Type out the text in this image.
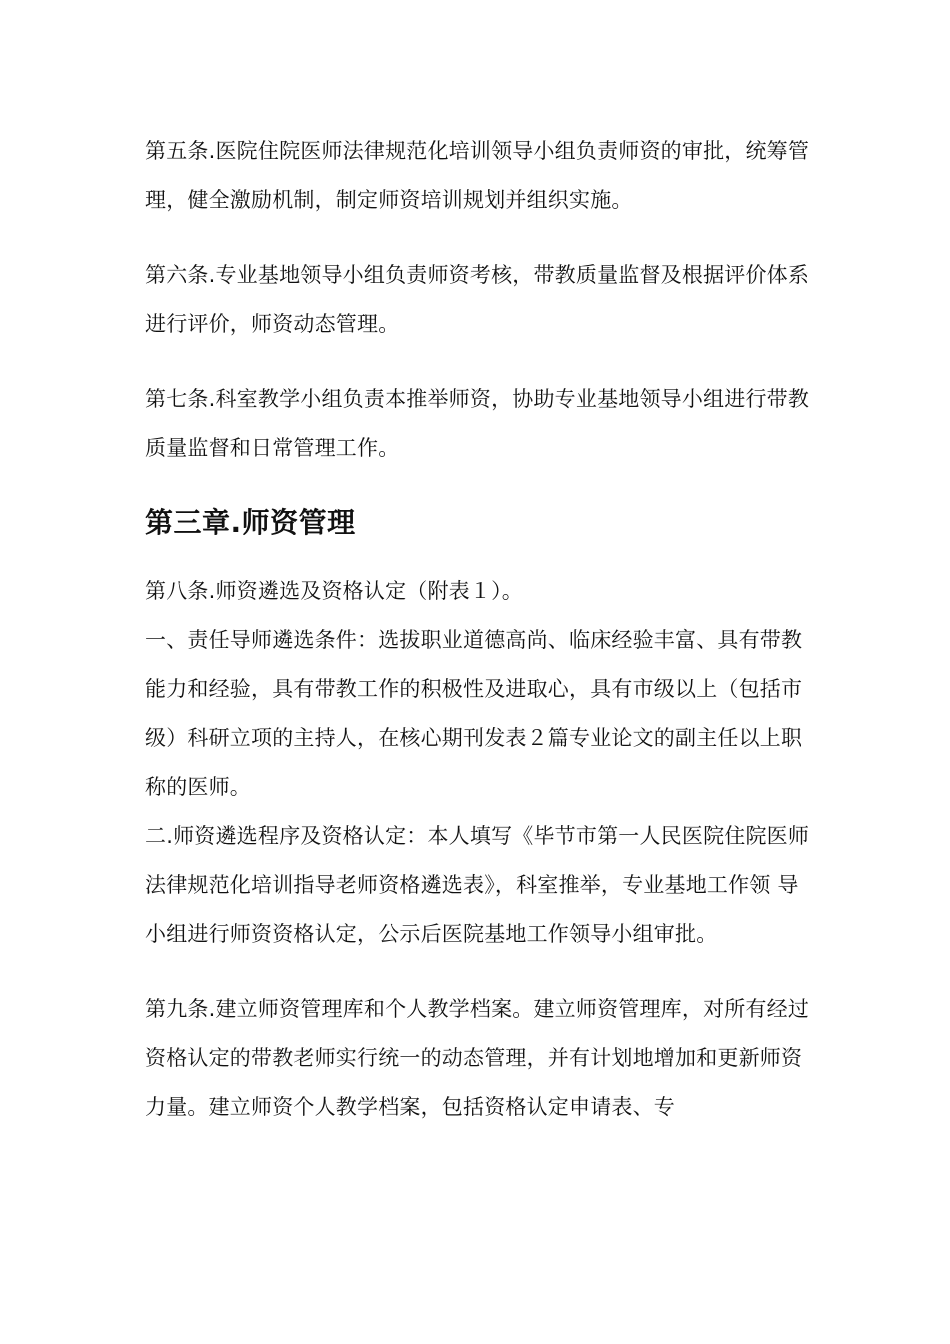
第五条.医院住院医师法律规范化培训领导小组负责师资的审批，统筹管理，健全激励机制，制定师资培训规划并组织实施。

第六条.专业基地领导小组负责师资考核，带教质量监督及根据评价体系进行评价，师资动态管理。

第七条.科室教学小组负责本推举师资，协助专业基地领导小组进行带教质量监督和日常管理工作。

第三章.师资管理

第八条.师资遴选及资格认定（附表１）。

一、责任导师遴选条件：选拔职业道德高尚、临床经验丰富、具有带教能力和经验，具有带教工作的积极性及进取心，具有市级以上（包括市级）科研立项的主持人，在核心期刊发表２篇专业论文的副主任以上职称的医师。

二.师资遴选程序及资格认定：本人填写《毕节市第一人民医院住院医师法律规范化培训指导老师资格遴选表》，科室推举，专业基地工作领 导小组进行师资资格认定，公示后医院基地工作领导小组审批。

第九条.建立师资管理库和个人教学档案。建立师资管理库，对所有经过资格认定的带教老师实行统一的动态管理，并有计划地增加和更新师资力量。建立师资个人教学档案，包括资格认定申请表、专
